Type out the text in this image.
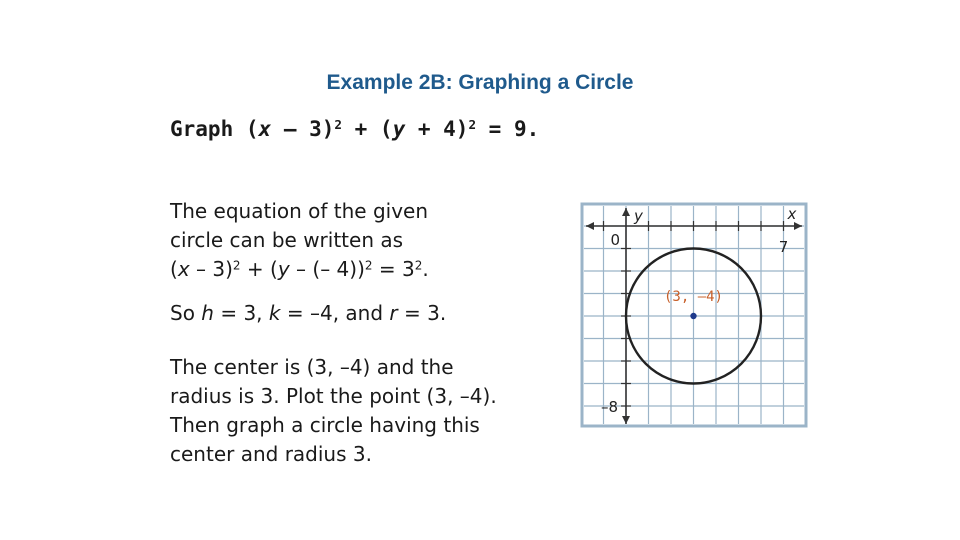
Example 2B: Graphing a Circle
Graph $(x - 3)^2 + (y + 4)^2 = 9$.
The equation of the given
circle can be written as
(x – 3)$^2$ + (y – (– $4))^2 = 3^2$.
So h = 3, k = –4, and r = 3.
The center is (3, –4) and the
radius is 3. Plot the point (3, –4).
Then graph a circle having this
center and radius 3.
x
y
0	7
–8
(3, –4)
